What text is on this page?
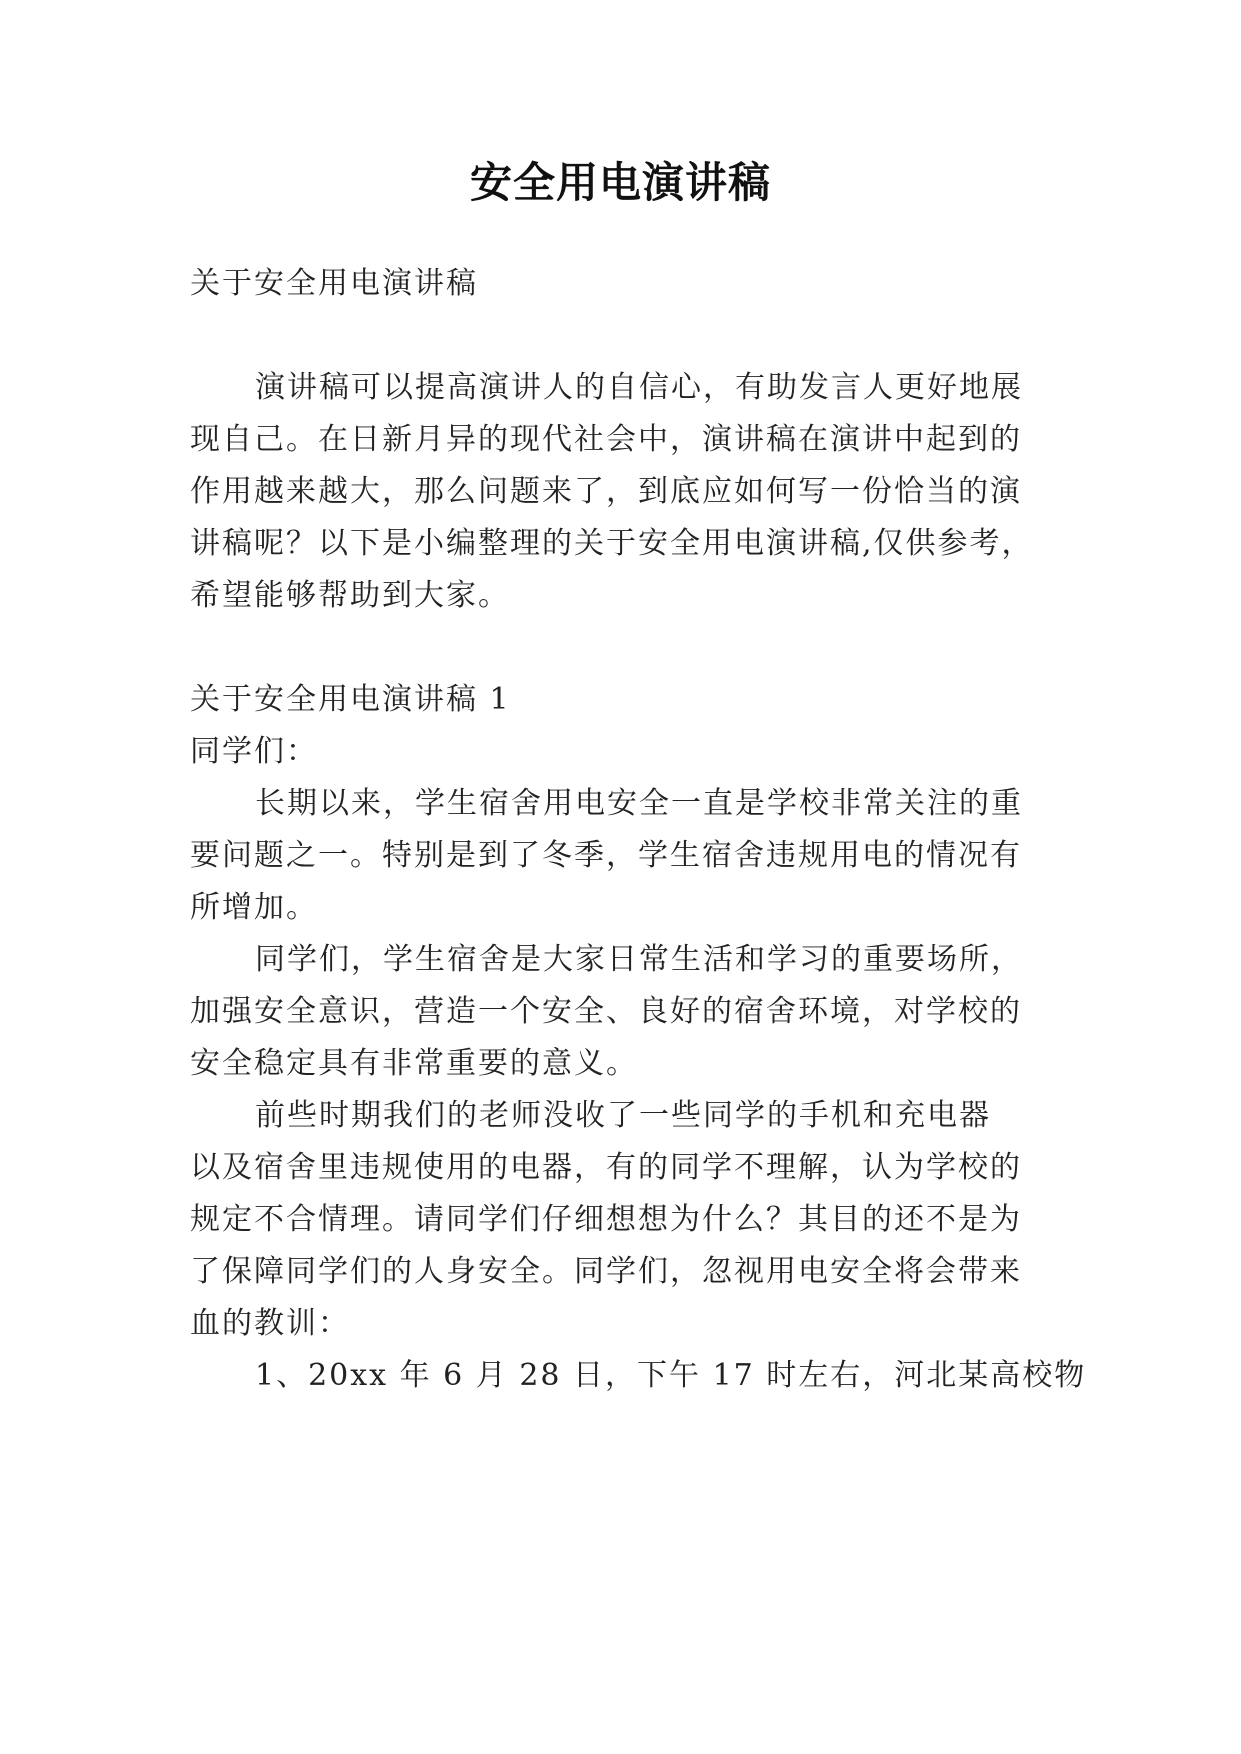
安全用电演讲稿
关于安全用电演讲稿
演讲稿可以提高演讲人的自信心，有助发言人更好地展
现自己。在日新月异的现代社会中，演讲稿在演讲中起到的
作用越来越大，那么问题来了，到底应如何写一份恰当的演
讲稿呢？以下是小编整理的关于安全用电演讲稿,仅供参考，
希望能够帮助到大家。
关于安全用电演讲稿 1
同学们：
长期以来，学生宿舍用电安全一直是学校非常关注的重
要问题之一。特别是到了冬季，学生宿舍违规用电的情况有
所增加。
同学们，学生宿舍是大家日常生活和学习的重要场所，
加强安全意识，营造一个安全、良好的宿舍环境，对学校的
安全稳定具有非常重要的意义。
前些时期我们的老师没收了一些同学的手机和充电器
以及宿舍里违规使用的电器，有的同学不理解，认为学校的
规定不合情理。请同学们仔细想想为什么？其目的还不是为
了保障同学们的人身安全。同学们，忽视用电安全将会带来
血的教训：
1、20xx 年 6 月 28 日，下午 17 时左右，河北某高校物
